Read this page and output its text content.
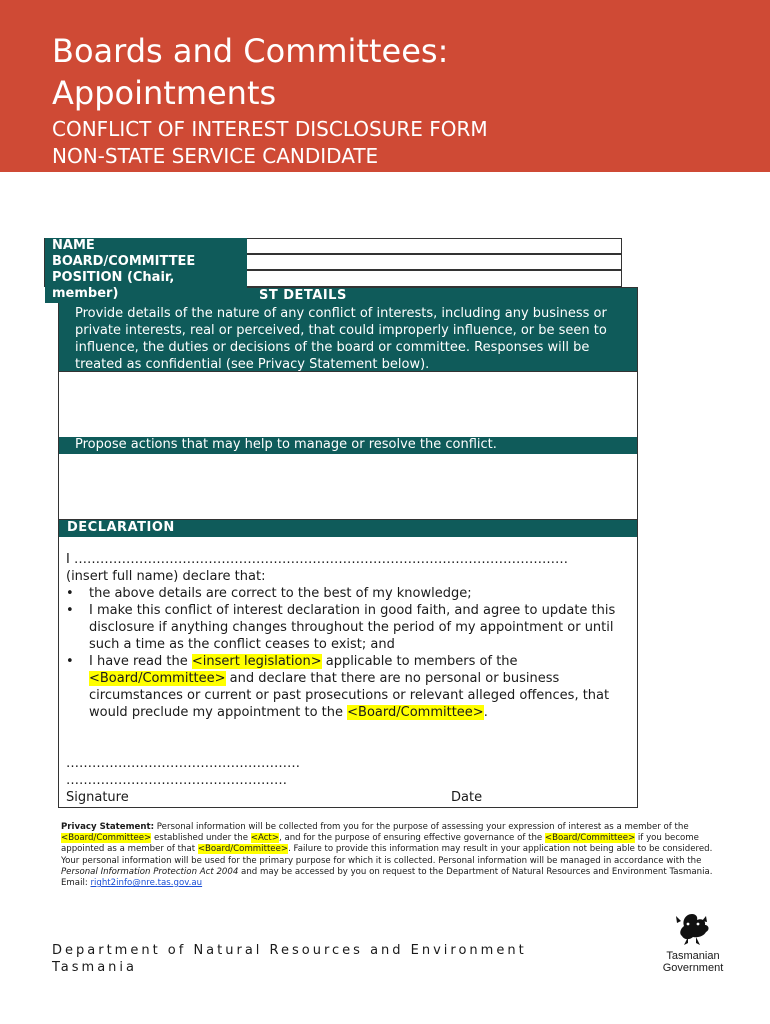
Boards and Committees:
Appointments
CONFLICT OF INTEREST DISCLOSURE FORM
NON-STATE SERVICE CANDIDATE
ST DETAILS
Provide details of the nature of any conflict of interests, including any business or
private interests, real or perceived, that could improperly influence, or be seen to
influence, the duties or decisions of the board or committee. Responses will be
treated as confidential (see Privacy Statement below).
Propose actions that may help to manage or resolve the conflict.
NAME
BOARD/COMMITTEE
POSITION (Chair,
member)
DECLARATION
I ……………………………………………………………………………………………………
(insert full name) declare that:
• the above details are correct to the best of my knowledge;
• I make this conflict of interest declaration in good faith, and agree to update this disclosure if anything changes throughout the period of my appointment or until such a time as the conflict ceases to exist; and
• I have read the <insert legislation> applicable to members of the <Board/Committee> and declare that there are no personal or business circumstances or current or past prosecutions or relevant alleged offences, that would preclude my appointment to the <Board/Committee>.
………………………………………………
……………………………………………
Signature	Date
Privacy Statement: Personal information will be collected from you for the purpose of assessing your expression of interest as a member of the <Board/Committee> established under the <Act>, and for the purpose of ensuring effective governance of the <Board/Committee> if you become appointed as a member of that <Board/Committee>. Failure to provide this information may result in your application not being able to be considered.
Your personal information will be used for the primary purpose for which it is collected. Personal information will be managed in accordance with the Personal Information Protection Act 2004 and may be accessed by you on request to the Department of Natural Resources and Environment Tasmania. Email: right2info@nre.tas.gov.au
Department of Natural Resources and Environment
Tasmania
Tasmanian
Government
